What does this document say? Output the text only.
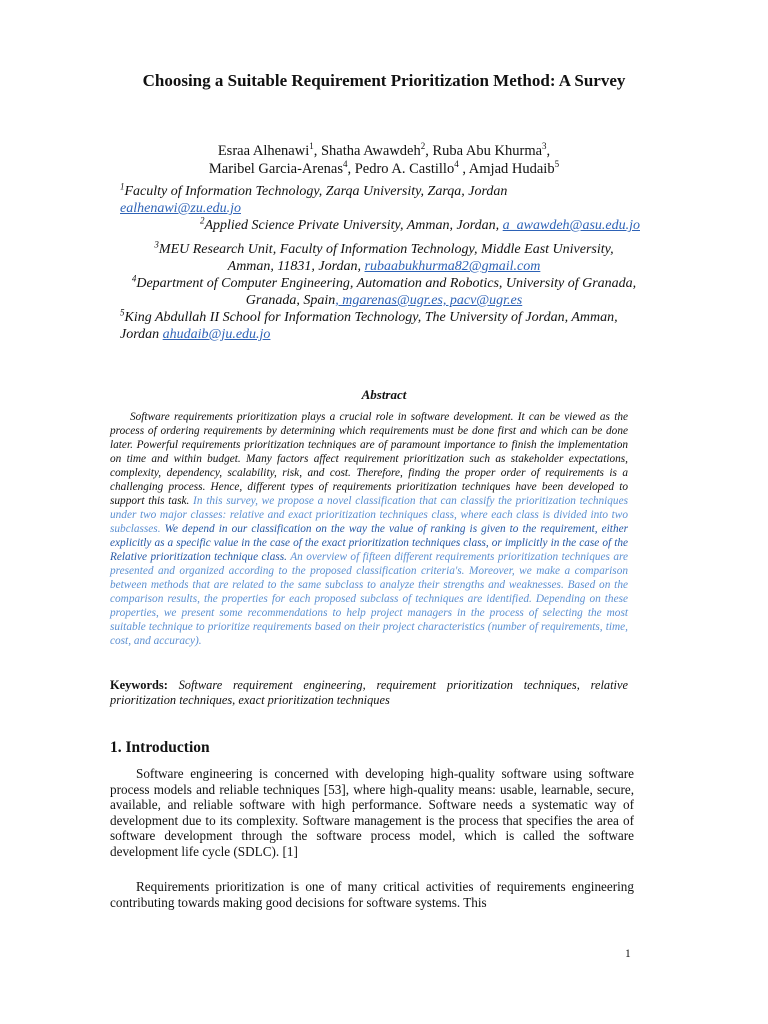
Choosing a Suitable Requirement Prioritization Method: A Survey
Esraa Alhenawi$^1$, Shatha Awawdeh$^2$, Ruba Abu Khurma$^3$,
Maribel Garcia-Arenas$^4$, Pedro A. Castillo$^4$ , Amjad Hudaib$^5$
$^1$Faculty of Information Technology, Zarqa University, Zarqa, Jordan
ealhenawi@zu.edu.jo
$^2$Applied Science Private University, Amman, Jordan, a_awawdeh@asu.edu.jo
$^3$MEU Research Unit, Faculty of Information Technology, Middle East University, Amman, 11831, Jordan, rubaabukhurma82@gmail.com
$^4$Department of Computer Engineering, Automation and Robotics, University of Granada, Granada, Spain, mgarenas@ugr.es, pacv@ugr.es
$^5$King Abdullah II School for Information Technology, The University of Jordan, Amman, Jordan ahudaib@ju.edu.jo
Abstract
Software requirements prioritization plays a crucial role in software development. It can be viewed as the process of ordering requirements by determining which requirements must be done first and which can be done later. Powerful requirements prioritization techniques are of paramount importance to finish the implementation on time and within budget. Many factors affect requirement prioritization such as stakeholder expectations, complexity, dependency, scalability, risk, and cost. Therefore, finding the proper order of requirements is a challenging process. Hence, different types of requirements prioritization techniques have been developed to support this task. In this survey, we propose a novel classification that can classify the prioritization techniques under two major classes: relative and exact prioritization techniques class, where each class is divided into two subclasses. We depend in our classification on the way the value of ranking is given to the requirement, either explicitly as a specific value in the case of the exact prioritization techniques class, or implicitly in the case of the Relative prioritization technique class. An overview of fifteen different requirements prioritization techniques are presented and organized according to the proposed classification criteria's. Moreover, we make a comparison between methods that are related to the same subclass to analyze their strengths and weaknesses. Based on the comparison results, the properties for each proposed subclass of techniques are identified. Depending on these properties, we present some recommendations to help project managers in the process of selecting the most suitable technique to prioritize requirements based on their project characteristics (number of requirements, time, cost, and accuracy).
Keywords: Software requirement engineering, requirement prioritization techniques, relative prioritization techniques, exact prioritization techniques
1. Introduction
Software engineering is concerned with developing high-quality software using software process models and reliable techniques [53], where high-quality means: usable, learnable, secure, available, and reliable software with high performance. Software needs a systematic way of development due to its complexity. Software management is the process that specifies the area of software development through the software process model, which is called the software development life cycle (SDLC). [1]
Requirements prioritization is one of many critical activities of requirements engineering contributing towards making good decisions for software systems. This
1
